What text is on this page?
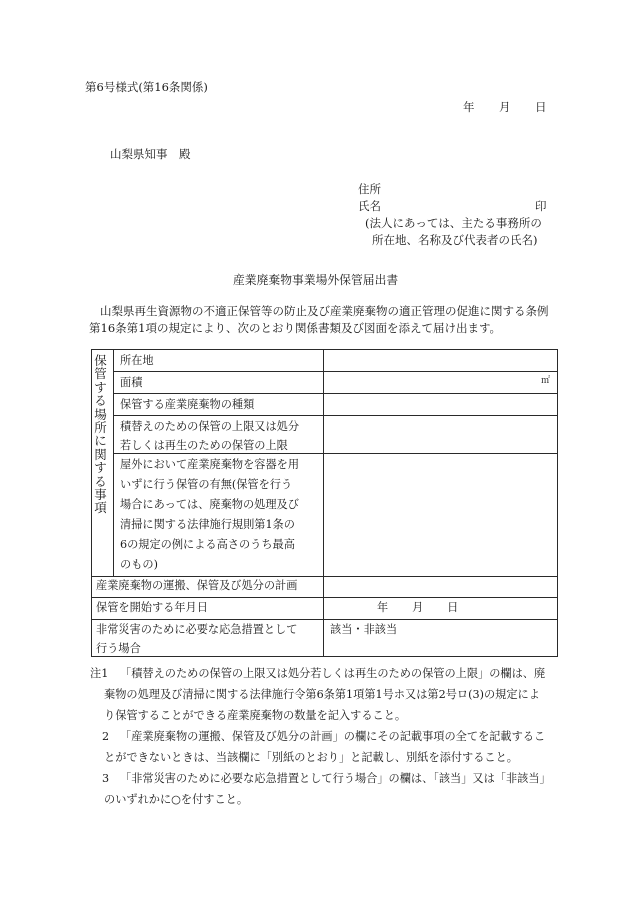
第6号様式(第16条関係)
年　　月　　日
山梨県知事　殿
住所
氏名	印
(法人にあっては、主たる事務所の
所在地、名称及び代表者の氏名)
産業廃棄物事業場外保管届出書
山梨県再生資源物の不適正保管等の防止及び産業廃棄物の適正管理の促進に関する条例
第16条第1項の規定により、次のとおり関係書類及び図面を添えて届け出ます。
保
管
す
る
場
所
に
関
す
る
事
項
所在地
面積	㎡
保管する産業廃棄物の種類
積替えのための保管の上限又は処分
若しくは再生のための保管の上限
屋外において産業廃棄物を容器を用
いずに行う保管の有無(保管を行う
場合にあっては、廃棄物の処理及び
清掃に関する法律施行規則第1条の
6の規定の例による高さのうち最高
のもの)
産業廃棄物の運搬、保管及び処分の計画
保管を開始する年月日	年　　月　　日
非常災害のために必要な応急措置として
行う場合
該当・非該当
注1 「積替えのための保管の上限又は処分若しくは再生のための保管の上限」の欄は、廃
棄物の処理及び清掃に関する法律施行令第6条第1項第1号ホ又は第2号ロ(3)の規定によ
り保管することができる産業廃棄物の数量を記入すること。
2 「産業廃棄物の運搬、保管及び処分の計画」の欄にその記載事項の全てを記載するこ
とができないときは、当該欄に「別紙のとおり」と記載し、別紙を添付すること。
3 「非常災害のために必要な応急措置として行う場合」の欄は、「該当」又は「非該当」
のいずれかに○を付すこと。
